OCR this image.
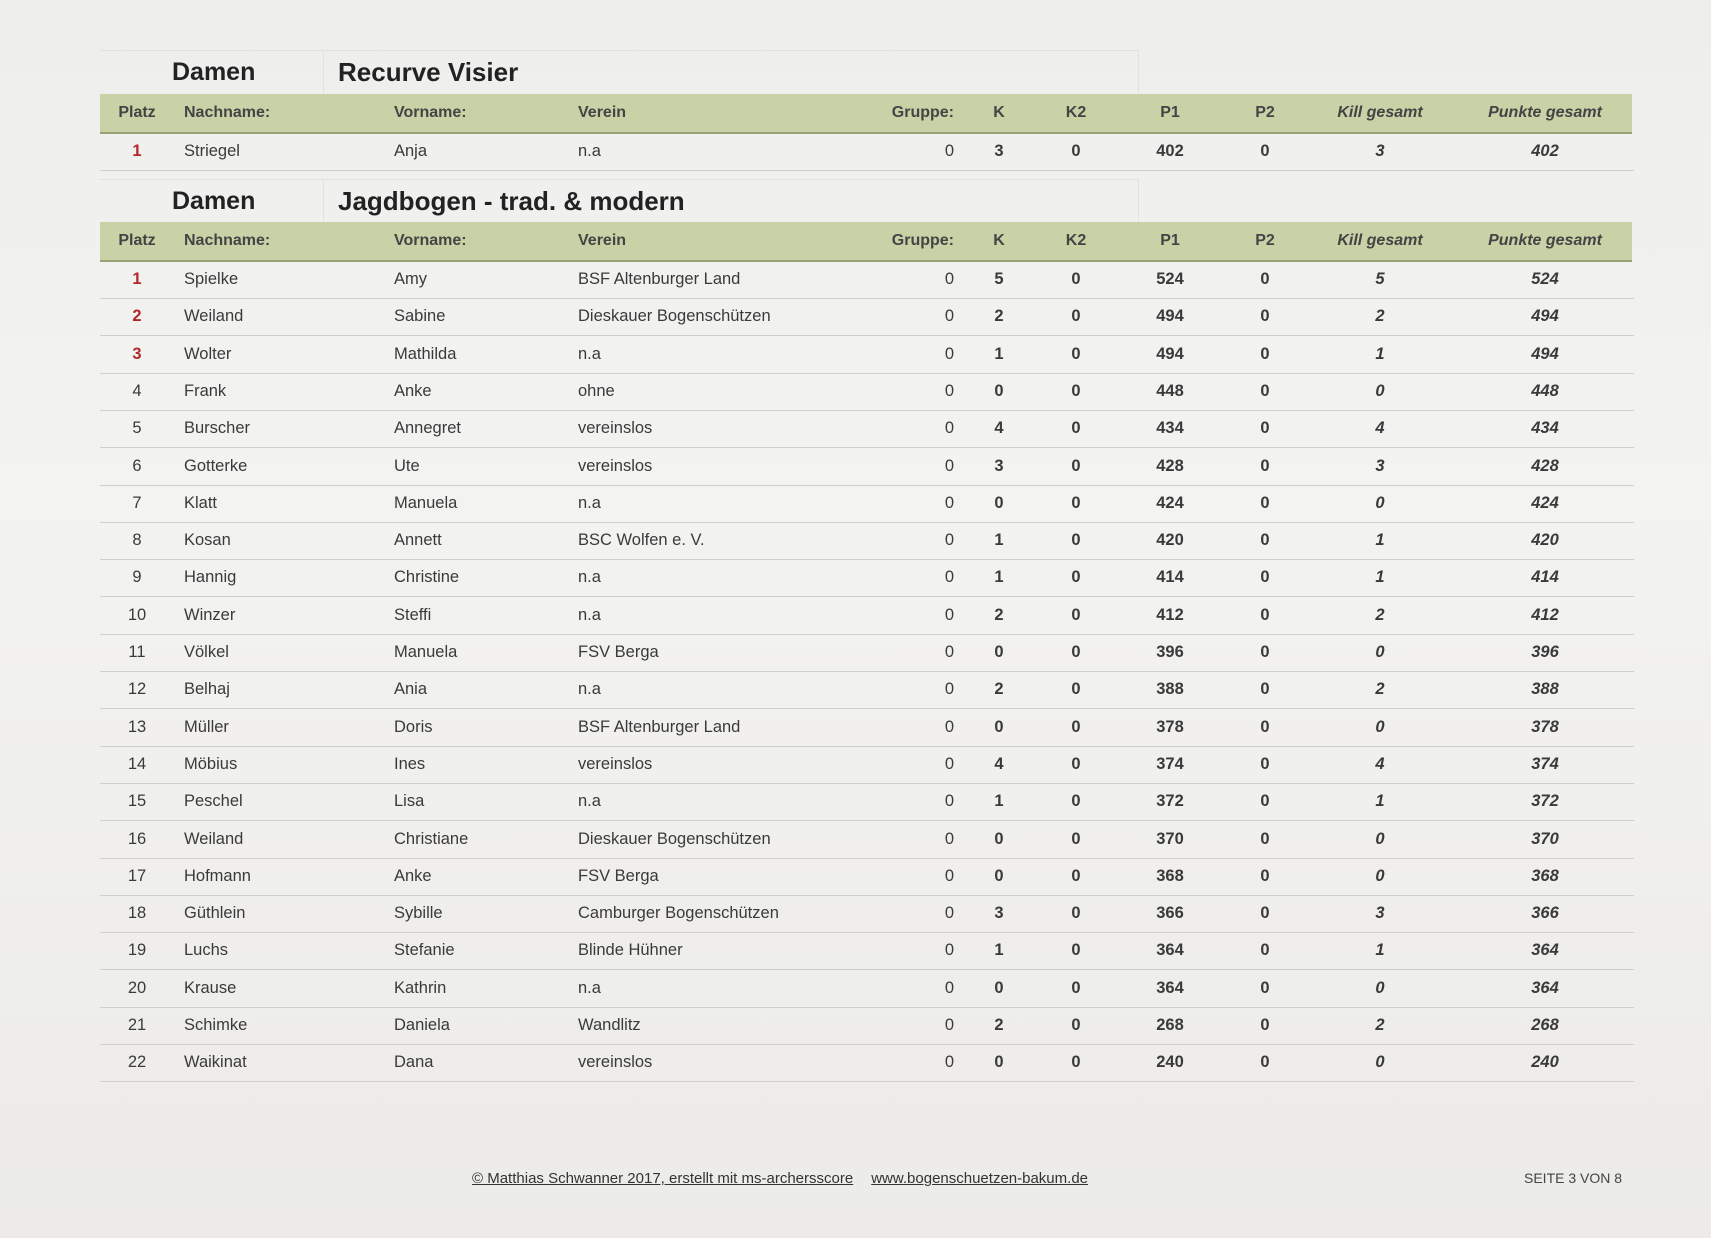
Damen	Recurve Visier
Platz	Nachname:	Vorname:	Verein	Gruppe:	K	K2	P1	P2	Kill gesamt	Punkte gesamt
1	Striegel	Anja	n.a	0	3	0	402	0	3	402
Damen	Jagdbogen - trad. & modern
Platz	Nachname:	Vorname:	Verein	Gruppe:	K	K2	P1	P2	Kill gesamt	Punkte gesamt
1	Spielke	Amy	BSF Altenburger Land	0	5	0	524	0	5	524
2	Weiland	Sabine	Dieskauer Bogenschützen	0	2	0	494	0	2	494
3	Wolter	Mathilda	n.a	0	1	0	494	0	1	494
4	Frank	Anke	ohne	0	0	0	448	0	0	448
5	Burscher	Annegret	vereinslos	0	4	0	434	0	4	434
6	Gotterke	Ute	vereinslos	0	3	0	428	0	3	428
7	Klatt	Manuela	n.a	0	0	0	424	0	0	424
8	Kosan	Annett	BSC Wolfen e. V.	0	1	0	420	0	1	420
9	Hannig	Christine	n.a	0	1	0	414	0	1	414
10	Winzer	Steffi	n.a	0	2	0	412	0	2	412
11	Völkel	Manuela	FSV Berga	0	0	0	396	0	0	396
12	Belhaj	Ania	n.a	0	2	0	388	0	2	388
13	Müller	Doris	BSF Altenburger Land	0	0	0	378	0	0	378
14	Möbius	Ines	vereinslos	0	4	0	374	0	4	374
15	Peschel	Lisa	n.a	0	1	0	372	0	1	372
16	Weiland	Christiane	Dieskauer Bogenschützen	0	0	0	370	0	0	370
17	Hofmann	Anke	FSV Berga	0	0	0	368	0	0	368
18	Güthlein	Sybille	Camburger Bogenschützen	0	3	0	366	0	3	366
19	Luchs	Stefanie	Blinde Hühner	0	1	0	364	0	1	364
20	Krause	Kathrin	n.a	0	0	0	364	0	0	364
21	Schimke	Daniela	Wandlitz	0	2	0	268	0	2	268
22	Waikinat	Dana	vereinslos	0	0	0	240	0	0	240
© Matthias Schwanner 2017, erstellt mit ms-archersscore www.bogenschuetzen-bakum.de	SEITE 3 VON 8
